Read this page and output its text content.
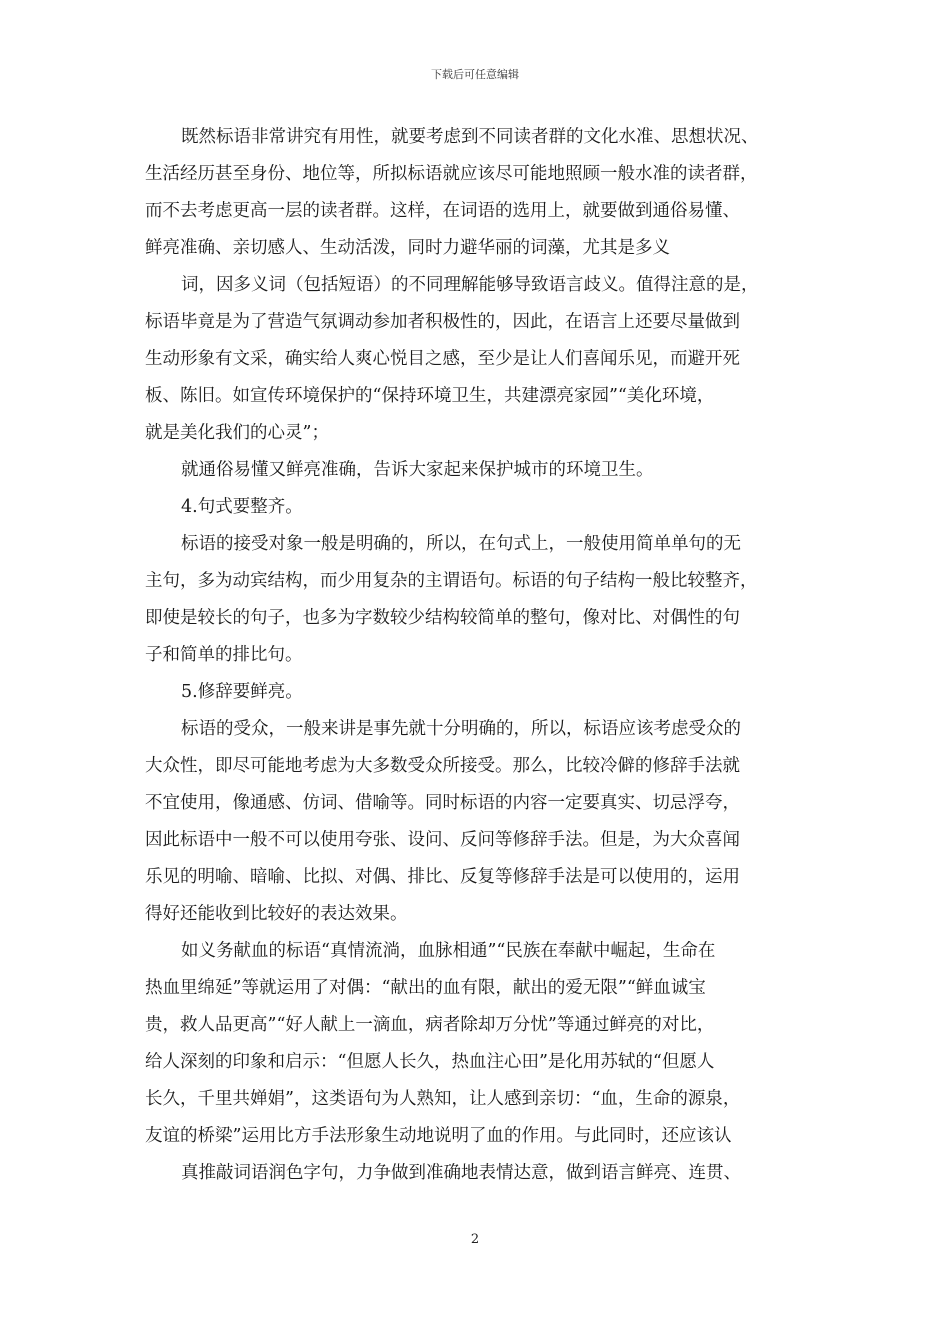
下载后可任意编辑
既然标语非常讲究有用性，就要考虑到不同读者群的文化水准、思想状况、
生活经历甚至身份、地位等，所拟标语就应该尽可能地照顾一般水准的读者群，
而不去考虑更高一层的读者群。这样，在词语的选用上，就要做到通俗易懂、
鲜亮准确、亲切感人、生动活泼，同时力避华丽的词藻，尤其是多义
词，因多义词（包括短语）的不同理解能够导致语言歧义。值得注意的是，
标语毕竟是为了营造气氛调动参加者积极性的，因此，在语言上还要尽量做到
生动形象有文采，确实给人爽心悦目之感，至少是让人们喜闻乐见，而避开死
板、陈旧。如宣传环境保护的“保持环境卫生，共建漂亮家园”“美化环境，
就是美化我们的心灵”；
就通俗易懂又鲜亮准确，告诉大家起来保护城市的环境卫生。
4.句式要整齐。
标语的接受对象一般是明确的，所以，在句式上，一般使用简单单句的无
主句，多为动宾结构，而少用复杂的主谓语句。标语的句子结构一般比较整齐，
即使是较长的句子，也多为字数较少结构较简单的整句，像对比、对偶性的句
子和简单的排比句。
5.修辞要鲜亮。
标语的受众，一般来讲是事先就十分明确的，所以，标语应该考虑受众的
大众性，即尽可能地考虑为大多数受众所接受。那么，比较冷僻的修辞手法就
不宜使用，像通感、仿词、借喻等。同时标语的内容一定要真实、切忌浮夸，
因此标语中一般不可以使用夸张、设问、反问等修辞手法。但是，为大众喜闻
乐见的明喻、暗喻、比拟、对偶、排比、反复等修辞手法是可以使用的，运用
得好还能收到比较好的表达效果。
如义务献血的标语“真情流淌，血脉相通”“民族在奉献中崛起，生命在
热血里绵延”等就运用了对偶：“献出的血有限，献出的爱无限”“鲜血诚宝
贵，救人品更高”“好人献上一滴血，病者除却万分忧”等通过鲜亮的对比，
给人深刻的印象和启示：“但愿人长久，热血注心田”是化用苏轼的“但愿人
长久，千里共婵娟”，这类语句为人熟知，让人感到亲切：“血，生命的源泉，
友谊的桥梁”运用比方手法形象生动地说明了血的作用。与此同时，还应该认
真推敲词语润色字句，力争做到准确地表情达意，做到语言鲜亮、连贯、
2
